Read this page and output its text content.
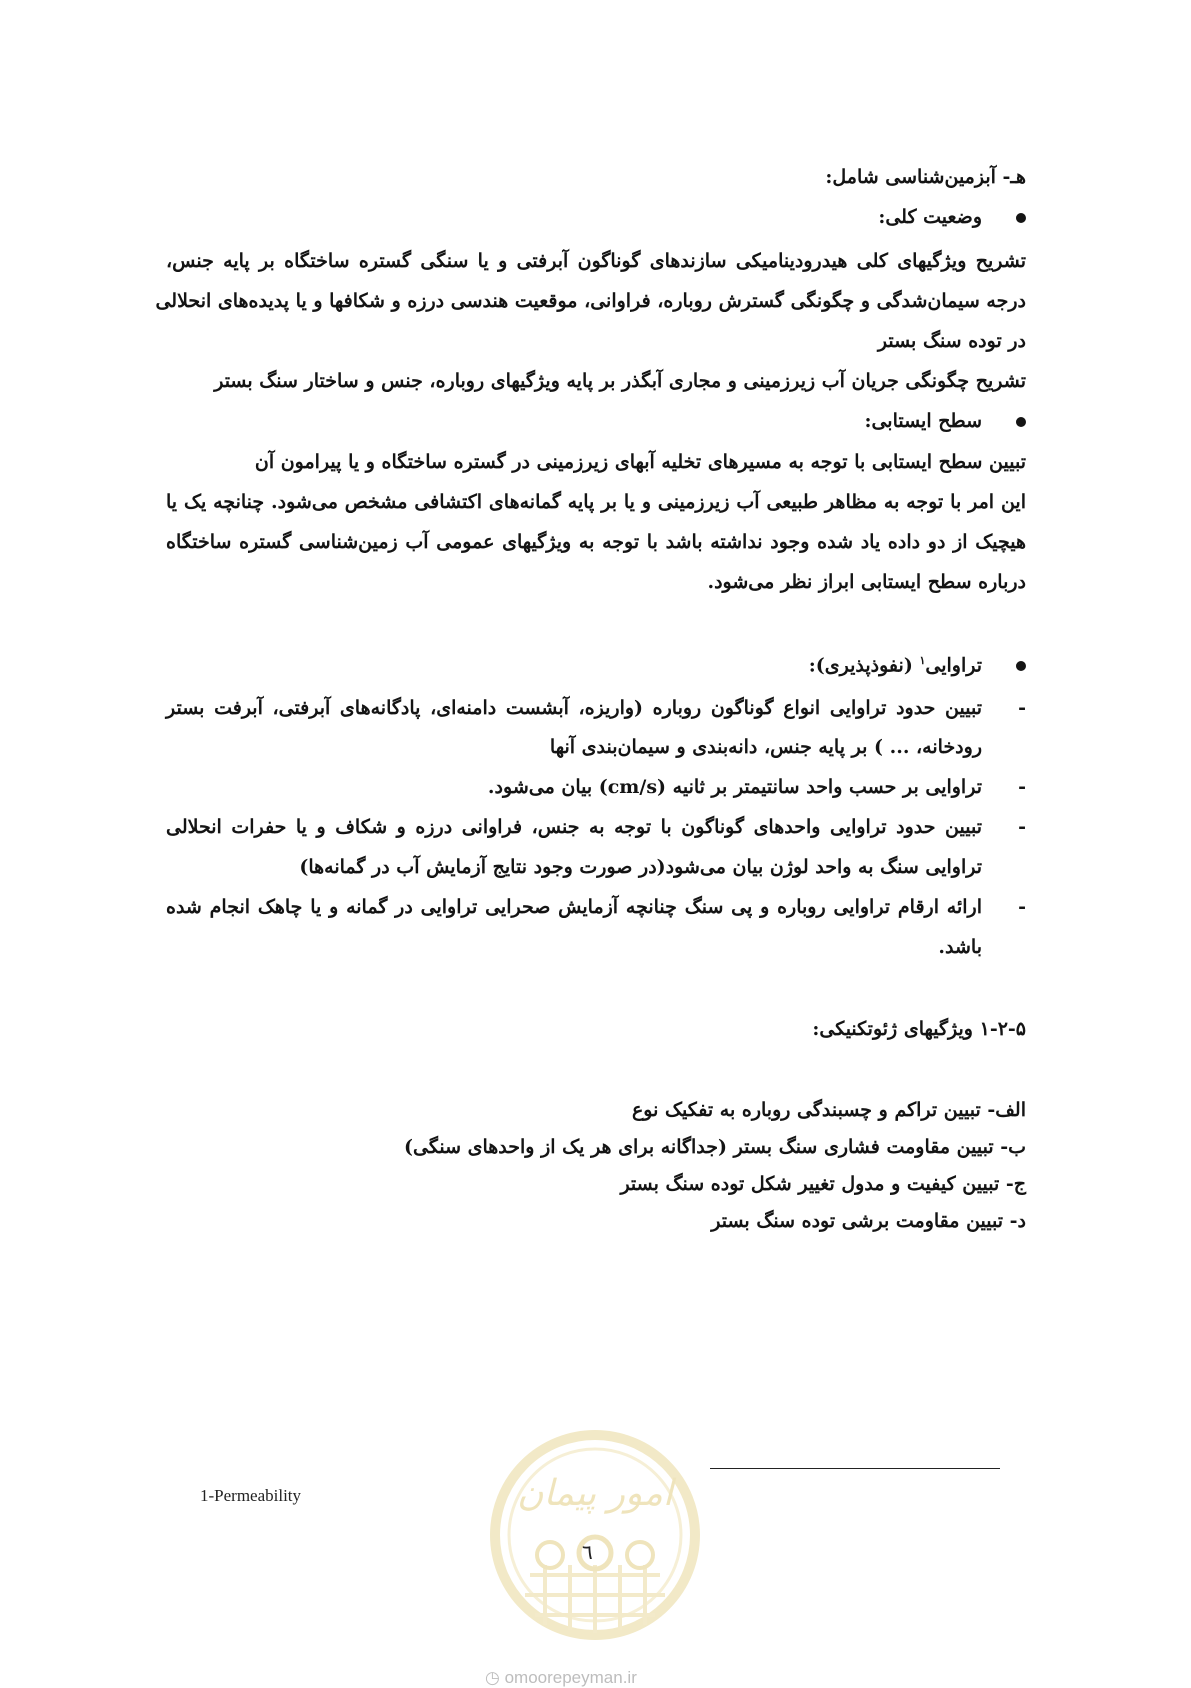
هـ- آبزمین‌شناسی شامل:
وضعیت کلی:
تشریح ویژگیهای کلی هیدرودینامیکی سازندهای گوناگون آبرفتی و یا سنگی گستره ساختگاه بر پایه جنس،
درجه سیمان‌شدگی و چگونگی گسترش روباره، فراوانی، موقعیت هندسی درزه و شکافها و یا پدیده‌های انحلالی
در توده سنگ بستر
تشریح چگونگی جریان آب زیرزمینی و مجاری آبگذر بر پایه ویژگیهای روباره، جنس و ساختار سنگ بستر
سطح ایستابی:
تبیین سطح ایستابی با توجه به مسیرهای تخلیه آبهای زیرزمینی در گستره ساختگاه و یا پیرامون آن
این امر با توجه به مظاهر طبیعی آب زیرزمینی و یا بر پایه گمانه‌های اکتشافی مشخص می‌شود. چنانچه یک یا
هیچیک از دو داده یاد شده وجود نداشته باشد با توجه به ویژگیهای عمومی آب زمین‌شناسی گستره ساختگاه
درباره سطح ایستابی ابراز نظر می‌شود.
تراوایی$^۱$ (نفوذپذیری):
-
تبیین حدود تراوایی انواع گوناگون روباره (واریزه، آبشست دامنه‌ای، پادگانه‌های آبرفتی، آبرفت بستر
رودخانه، ... ) بر پایه جنس، دانه‌بندی و سیمان‌بندی آنها
-
تراوایی بر حسب واحد سانتیمتر بر ثانیه (cm/s) بیان می‌شود.
-
تبیین حدود تراوایی واحدهای گوناگون با توجه به جنس، فراوانی درزه و شکاف و یا حفرات انحلالی
تراوایی سنگ به واحد لوژن بیان می‌شود(در صورت وجود نتایج آزمایش آب در گمانه‌ها)
-
ارائه ارقام تراوایی روباره و پی سنگ چنانچه آزمایش صحرایی تراوایی در گمانه و یا چاهک انجام شده
باشد.
۱-۲-۵ ویژگیهای ژئوتکنیکی:
الف- تبیین تراکم و چسبندگی روباره به تفکیک نوع
ب- تبیین مقاومت فشاری سنگ بستر (جداگانه برای هر یک از واحدهای سنگی)
ج- تبیین کیفیت و مدول تغییر شکل توده سنگ بستر
د- تبیین مقاومت برشی توده سنگ بستر
1-Permeability	امور پیمان
٦
◷ omoorepeyman.ir
